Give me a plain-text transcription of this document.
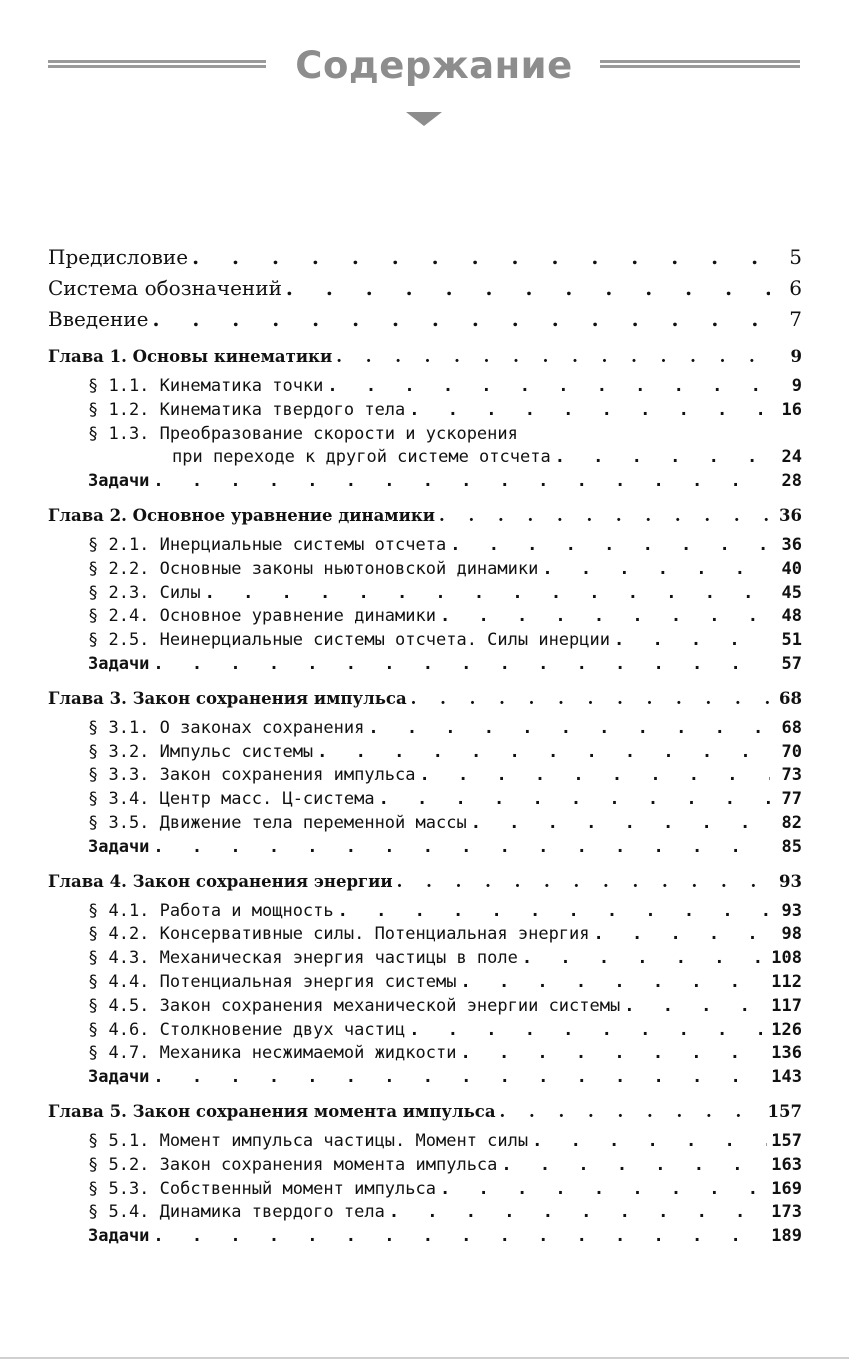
Содержание
Предисловие . . .	5
Система обозначений . . .	6
Введение . . .	7
Глава 1. Основы кинематики . . .	9
§ 1.1. Кинематика точки . . .	9
§ 1.2. Кинематика твердого тела . . .	16
§ 1.3. Преобразование скорости и ускорения
при переходе к другой системе отсчета . . .	24
Задачи . . .	28
Глава 2. Основное уравнение динамики . . .	36
§ 2.1. Инерциальные системы отсчета . . .	36
§ 2.2. Основные законы ньютоновской динамики . . .	40
§ 2.3. Силы . . .	45
§ 2.4. Основное уравнение динамики . . .	48
§ 2.5. Неинерциальные системы отсчета. Силы инерции . . .	51
Задачи . . .	57
Глава 3. Закон сохранения импульса . . .	68
§ 3.1. О законах сохранения . . .	68
§ 3.2. Импульс системы . . .	70
§ 3.3. Закон сохранения импульса . . .	73
§ 3.4. Центр масс. Ц-система . . .	77
§ 3.5. Движение тела переменной массы . . .	82
Задачи . . .	85
Глава 4. Закон сохранения энергии . . .	93
§ 4.1. Работа и мощность . . .	93
§ 4.2. Консервативные силы. Потенциальная энергия . . .	98
§ 4.3. Механическая энергия частицы в поле . . .	108
§ 4.4. Потенциальная энергия системы . . .	112
§ 4.5. Закон сохранения механической энергии системы . . .	117
§ 4.6. Столкновение двух частиц . . .	126
§ 4.7. Механика несжимаемой жидкости . . .	136
Задачи . . .	143
Глава 5. Закон сохранения момента импульса . . .	157
§ 5.1. Момент импульса частицы. Момент силы . . .	157
§ 5.2. Закон сохранения момента импульса . . .	163
§ 5.3. Собственный момент импульса . . .	169
§ 5.4. Динамика твердого тела . . .	173
Задачи . . .	189
